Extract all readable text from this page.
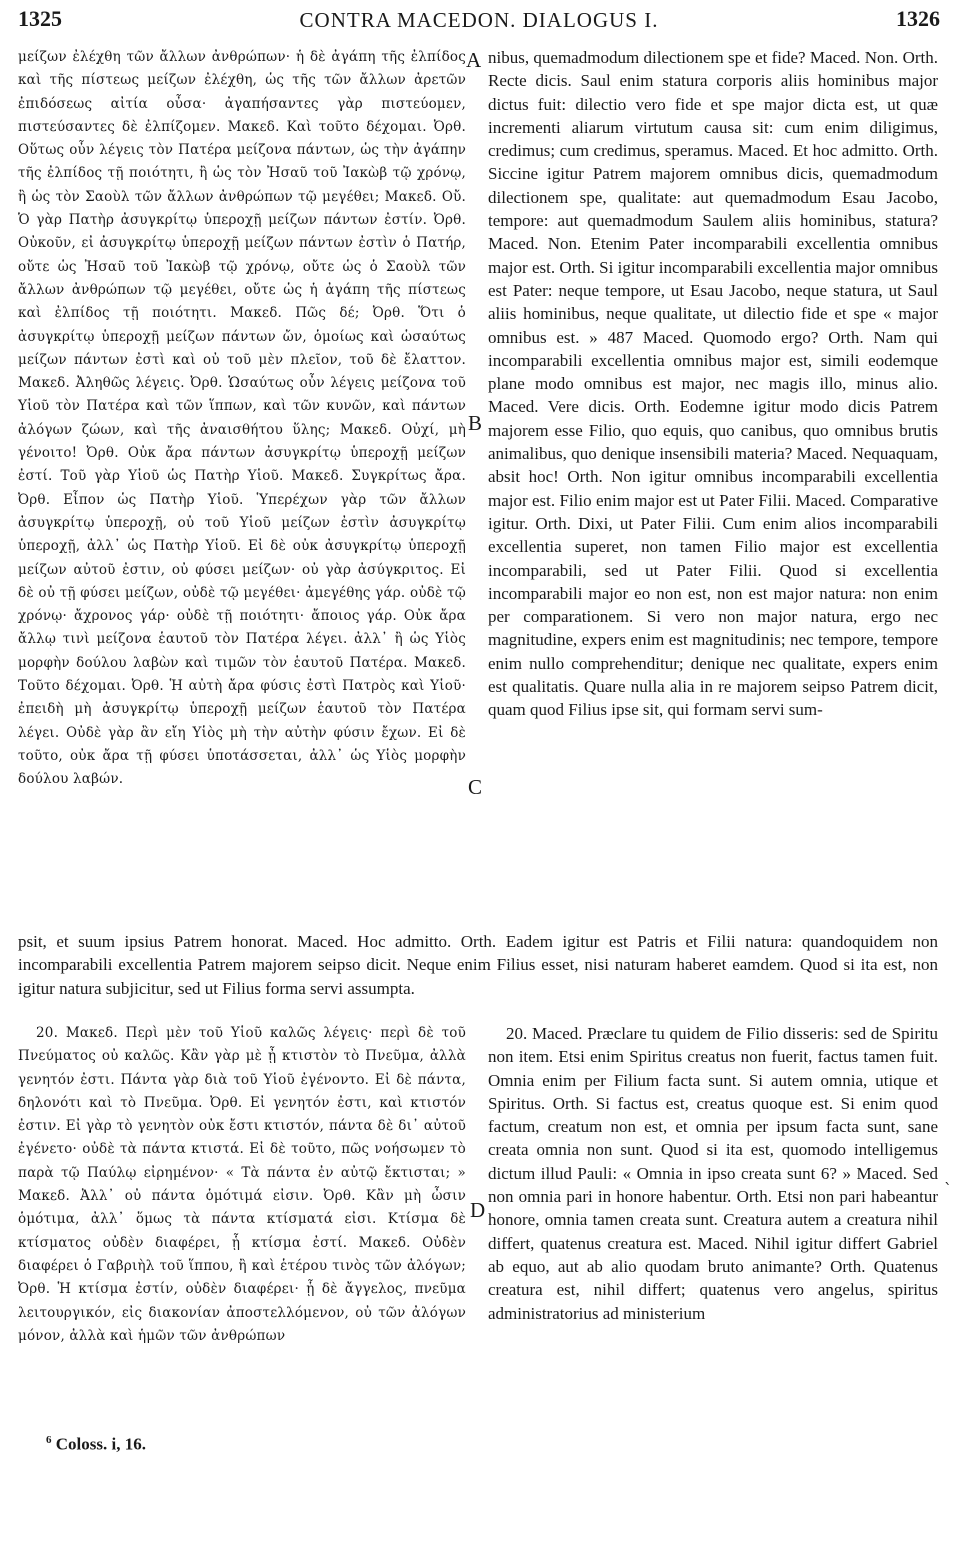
1325	CONTRA MACEDON. DIALOGUS I.	1326
μείζων ἐλέχθη τῶν ἄλλων ἀνθρώπων· ἡ δὲ ἀγάπη τῆς ἐλπίδος καὶ τῆς πίστεως μείζων ἐλέχθη, ὡς τῆς τῶν ἄλλων ἀρετῶν ἐπιδόσεως αἰτία οὖσα· ἀγαπήσαντες γὰρ πιστεύομεν, πιστεύσαντες δὲ ἐλπίζομεν. Μακεδ. Καὶ τοῦτο δέχομαι. Ὀρθ. Οὕτως οὖν λέγεις τὸν Πατέρα μείζονα πάντων, ὡς τὴν ἀγάπην τῆς ἐλπίδος τῇ ποιότητι, ἢ ὡς τὸν Ἠσαῦ τοῦ Ἰακὼβ τῷ χρόνῳ, ἢ ὡς τὸν Σαοὺλ τῶν ἄλλων ἀνθρώπων τῷ μεγέθει; Μακεδ. Οὔ. Ὁ γὰρ Πατὴρ ἀσυγκρίτῳ ὑπεροχῇ μείζων πάντων ἐστίν. Ὀρθ. Οὐκοῦν, εἰ ἀσυγκρίτῳ ὑπεροχῇ μείζων πάντων ἐστὶν ὁ Πατήρ, οὔτε ὡς Ἠσαῦ τοῦ Ἰακὼβ τῷ χρόνῳ, οὔτε ὡς ὁ Σαοὺλ τῶν ἄλλων ἀνθρώπων τῷ μεγέθει, οὔτε ὡς ἡ ἀγάπη τῆς πίστεως καὶ ἐλπίδος τῇ ποιότητι. Μακεδ. Πῶς δέ; Ὀρθ. Ὅτι ὁ ἀσυγκρίτῳ ὑπεροχῇ μείζων πάντων ὤν, ὁμοίως καὶ ὡσαύτως μείζων πάντων ἐστὶ καὶ οὐ τοῦ μὲν πλεῖον, τοῦ δὲ ἔλαττον. Μακεδ. Ἀληθῶς λέγεις. Ὀρθ. Ὡσαύτως οὖν λέγεις μείζονα τοῦ Υἱοῦ τὸν Πατέρα καὶ τῶν ἵππων, καὶ τῶν κυνῶν, καὶ πάντων ἀλόγων ζώων, καὶ τῆς ἀναισθήτου ὕλης; Μακεδ. Οὐχί, μὴ γένοιτο! Ὀρθ. Οὐκ ἄρα πάντων ἀσυγκρίτῳ ὑπεροχῇ μείζων ἐστί. Τοῦ γὰρ Υἱοῦ ὡς Πατὴρ Υἱοῦ. Μακεδ. Συγκρίτως ἄρα. Ὀρθ. Εἶπον ὡς Πατὴρ Υἱοῦ. Ὑπερέχων γὰρ τῶν ἄλλων ἀσυγκρίτῳ ὑπεροχῇ, οὐ τοῦ Υἱοῦ μείζων ἐστὶν ἀσυγκρίτῳ ὑπεροχῇ, ἀλλ᾽ ὡς Πατὴρ Υἱοῦ. Εἰ δὲ οὐκ ἀσυγκρίτῳ ὑπεροχῇ μείζων αὐτοῦ ἐστιν, οὐ φύσει μείζων· οὐ γὰρ ἀσύγκριτος. Εἰ δὲ οὐ τῇ φύσει μείζων, οὐδὲ τῷ μεγέθει· ἀμεγέθης γάρ. οὐδὲ τῷ χρόνῳ· ἄχρονος γάρ· οὐδὲ τῇ ποιότητι· ἄποιος γάρ. Οὐκ ἄρα ἄλλῳ τινὶ μείζονα ἑαυτοῦ τὸν Πατέρα λέγει. ἀλλ᾽ ἢ ὡς Υἱὸς μορφὴν δούλου λαβὼν καὶ τιμῶν τὸν ἑαυτοῦ Πατέρα. Μακεδ. Τοῦτο δέχομαι. Ὀρθ. Ἡ αὐτὴ ἄρα φύσις ἐστὶ Πατρὸς καὶ Υἱοῦ· ἐπειδὴ μὴ ἀσυγκρίτῳ ὑπεροχῇ μείζων ἑαυτοῦ τὸν Πατέρα λέγει. Οὐδὲ γὰρ ἂν εἴη Υἱὸς μὴ τὴν αὐτὴν φύσιν ἔχων. Εἰ δὲ τοῦτο, οὐκ ἄρα τῇ φύσει ὑποτάσσεται, ἀλλ᾽ ὡς Υἱὸς μορφὴν δούλου λαβών.
nibus, quemadmodum dilectionem spe et fide? Maced. Non. Orth. Recte dicis. Saul enim statura corporis aliis hominibus major dictus fuit: dilectio vero fide et spe major dicta est, ut quæ incrementi aliarum virtutum causa sit: cum enim diligimus, credimus; cum credimus, speramus. Maced. Et hoc admitto. Orth. Siccine igitur Patrem majorem omnibus dicis, quemadmodum dilectionem spe, qualitate: aut quemadmodum Esau Jacobo, tempore: aut quemadmodum Saulem aliis hominibus, statura? Maced. Non. Etenim Pater incomparabili excellentia omnibus major est. Orth. Si igitur incomparabili excellentia major omnibus est Pater: neque tempore, ut Esau Jacobo, neque statura, ut Saul aliis hominibus, neque qualitate, ut dilectio fide et spe « major omnibus est. » 487 Maced. Quomodo ergo? Orth. Nam qui incomparabili excellentia omnibus major est, simili eodemque plane modo omnibus est major, nec magis illo, minus alio. Maced. Vere dicis. Orth. Eodemne igitur modo dicis Patrem majorem esse Filio, quo equis, quo canibus, quo omnibus brutis animalibus, quo denique insensibili materia? Maced. Nequaquam, absit hoc! Orth. Non igitur omnibus incomparabili excellentia major est. Filio enim major est ut Pater Filii. Maced. Comparative igitur. Orth. Dixi, ut Pater Filii. Cum enim alios incomparabili excellentia superet, non tamen Filio major est excellentia incomparabili, sed ut Pater Filii. Quod si excellentia incomparabili major eo non est, non est major natura: non enim per comparationem. Si vero non major natura, ergo nec magnitudine, expers enim est magnitudinis; nec tempore, tempore enim nullo comprehenditur; denique nec qualitate, expers enim est qualitatis. Quare nulla alia in re majorem seipso Patrem dicit, quam quod Filius ipse sit, qui formam servi sum-
A
B
C
D
psit, et suum ipsius Patrem honorat. Maced. Hoc admitto. Orth. Eadem igitur est Patris et Filii natura: quandoquidem non incomparabili excellentia Patrem majorem seipso dicit. Neque enim Filius esset, nisi naturam haberet eamdem. Quod si ita est, non igitur natura subjicitur, sed ut Filius forma servi assumpta.
20. Μακεδ. Περὶ μὲν τοῦ Υἱοῦ καλῶς λέγεις· περὶ δὲ τοῦ Πνεύματος οὐ καλῶς. Κἂν γὰρ μὲ ᾖ κτιστὸν τὸ Πνεῦμα, ἀλλὰ γενητόν ἐστι. Πάντα γὰρ διὰ τοῦ Υἱοῦ ἐγένοντο. Εἰ δὲ πάντα, δηλονότι καὶ τὸ Πνεῦμα. Ὀρθ. Εἰ γενητόν ἐστι, καὶ κτιστόν ἐστιν. Εἰ γὰρ τὸ γενητὸν οὐκ ἔστι κτιστόν, πάντα δὲ δι᾽ αὐτοῦ ἐγένετο· οὐδὲ τὰ πάντα κτιστά. Εἰ δὲ τοῦτο, πῶς νοήσωμεν τὸ παρὰ τῷ Παύλῳ εἰρημένον· « Τὰ πάντα ἐν αὐτῷ ἔκτισται; » Μακεδ. Ἀλλ᾽ οὐ πάντα ὁμότιμά εἰσιν. Ὀρθ. Κἂν μὴ ὦσιν ὁμότιμα, ἀλλ᾽ ὅμως τὰ πάντα κτίσματά εἰσι. Κτίσμα δὲ κτίσματος οὐδὲν διαφέρει, ᾗ κτίσμα ἐστί. Μακεδ. Οὐδὲν διαφέρει ὁ Γαβριὴλ τοῦ ἵππου, ἢ καὶ ἑτέρου τινὸς τῶν ἀλόγων; Ὀρθ. Ἡ κτίσμα ἐστίν, οὐδὲν διαφέρει· ᾗ δὲ ἄγγελος, πνεῦμα λειτουργικόν, εἰς διακονίαν ἀποστελλόμενον, οὐ τῶν ἀλόγων μόνον, ἀλλὰ καὶ ἡμῶν τῶν ἀνθρώπων
20. Maced. Præclare tu quidem de Filio disseris: sed de Spiritu non item. Etsi enim Spiritus creatus non fuerit, factus tamen fuit. Omnia enim per Filium facta sunt. Si autem omnia, utique et Spiritus. Orth. Si factus est, creatus quoque est. Si enim quod factum, creatum non est, et omnia per ipsum facta sunt, sane creata omnia non sunt. Quod si ita est, quomodo intelligemus dictum illud Pauli: « Omnia in ipso creata sunt 6? » Maced. Sed non omnia pari in honore habentur. Orth. Etsi non pari habeantur honore, omnia tamen creata sunt. Creatura autem a creatura nihil differt, quatenus creatura est. Maced. Nihil igitur differt Gabriel ab equo, aut ab alio quodam bruto animante? Orth. Quatenus creatura est, nihil differt; quatenus vero angelus, spiritus administratorius ad ministerium
$^6$ Coloss. i, 16.
`
